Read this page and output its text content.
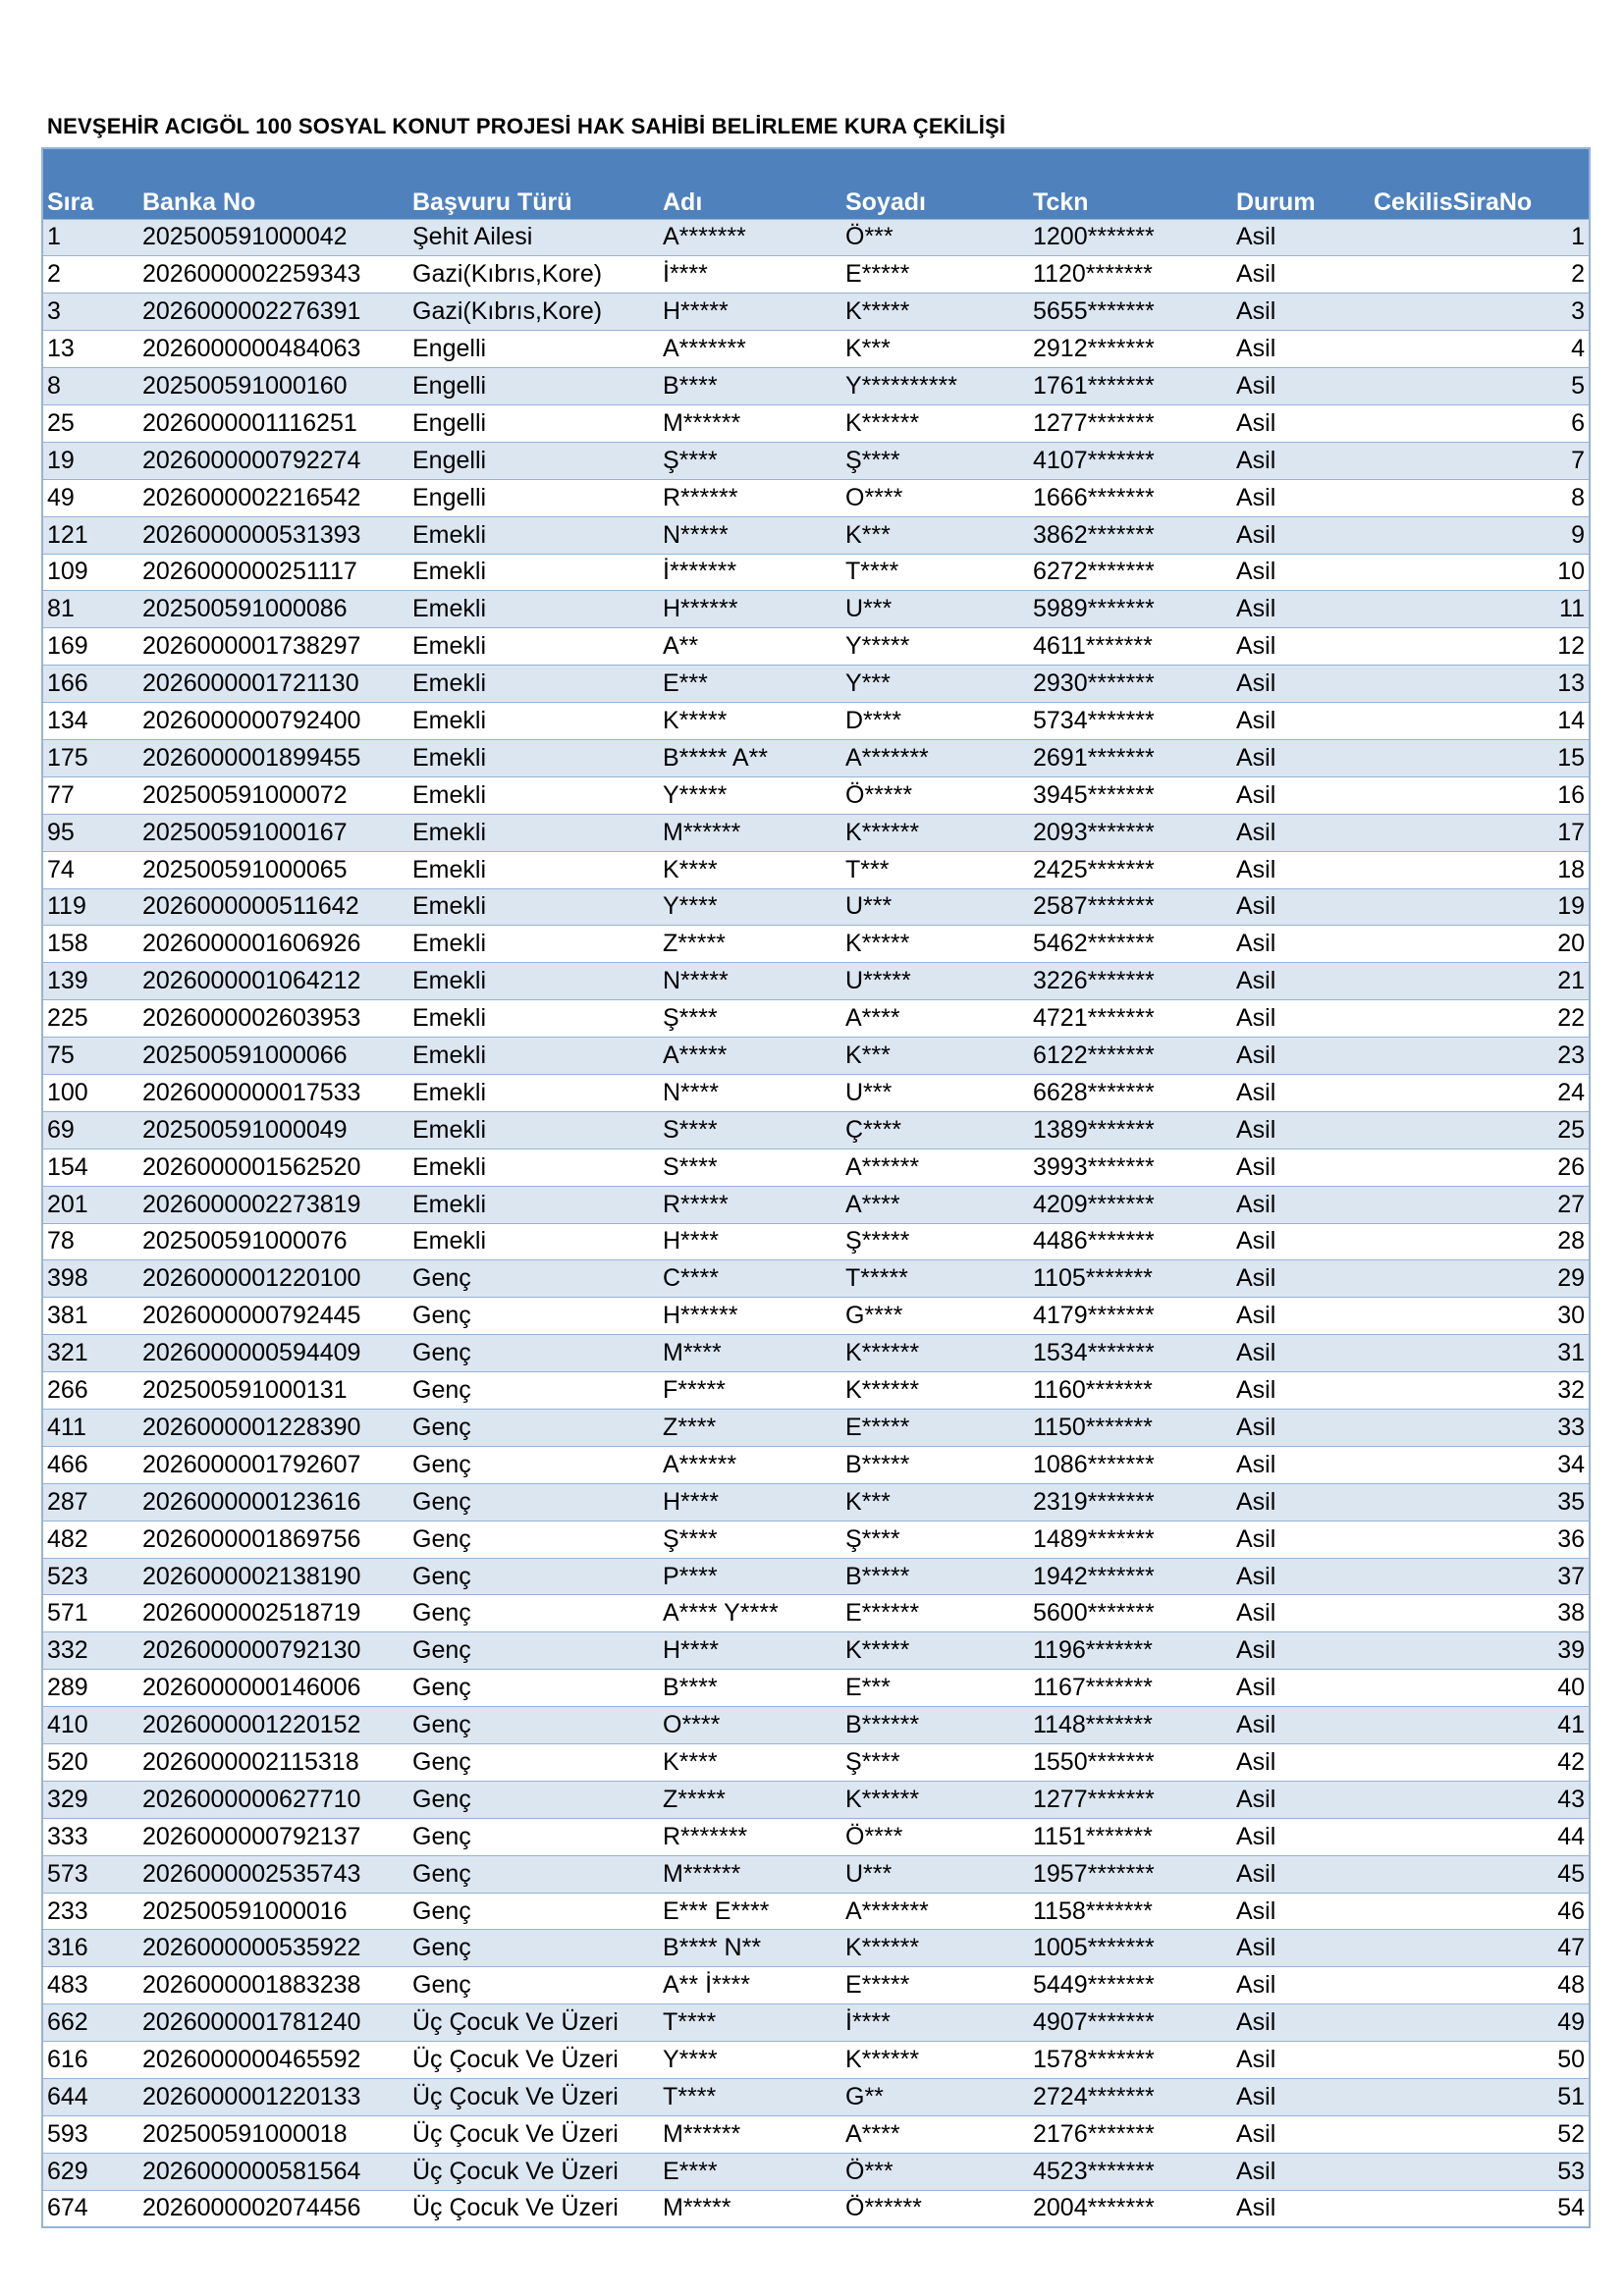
NEVŞEHİR ACIGÖL 100 SOSYAL KONUT PROJESİ HAK SAHİBİ BELİRLEME KURA ÇEKİLİŞİ
Sıra	Banka No	Başvuru Türü	Adı	Soyadı	Tckn	Durum	CekilisSiraNo
1	202500591000042	Şehit Ailesi	A*******	Ö***	1200*******	Asil	1
2	2026000002259343	Gazi(Kıbrıs,Kore)	İ****	E*****	1120*******	Asil	2
3	2026000002276391	Gazi(Kıbrıs,Kore)	H*****	K*****	5655*******	Asil	3
13	2026000000484063	Engelli	A*******	K***	2912*******	Asil	4
8	202500591000160	Engelli	B****	Y**********	1761*******	Asil	5
25	2026000001116251	Engelli	M******	K******	1277*******	Asil	6
19	2026000000792274	Engelli	Ş****	Ş****	4107*******	Asil	7
49	2026000002216542	Engelli	R******	O****	1666*******	Asil	8
121	2026000000531393	Emekli	N*****	K***	3862*******	Asil	9
109	2026000000251117	Emekli	İ*******	T****	6272*******	Asil	10
81	202500591000086	Emekli	H******	U***	5989*******	Asil	11
169	2026000001738297	Emekli	A**	Y*****	4611*******	Asil	12
166	2026000001721130	Emekli	E***	Y***	2930*******	Asil	13
134	2026000000792400	Emekli	K*****	D****	5734*******	Asil	14
175	2026000001899455	Emekli	B***** A**	A*******	2691*******	Asil	15
77	202500591000072	Emekli	Y*****	Ö*****	3945*******	Asil	16
95	202500591000167	Emekli	M******	K******	2093*******	Asil	17
74	202500591000065	Emekli	K****	T***	2425*******	Asil	18
119	2026000000511642	Emekli	Y****	U***	2587*******	Asil	19
158	2026000001606926	Emekli	Z*****	K*****	5462*******	Asil	20
139	2026000001064212	Emekli	N*****	U*****	3226*******	Asil	21
225	2026000002603953	Emekli	Ş****	A****	4721*******	Asil	22
75	202500591000066	Emekli	A*****	K***	6122*******	Asil	23
100	2026000000017533	Emekli	N****	U***	6628*******	Asil	24
69	202500591000049	Emekli	S****	Ç****	1389*******	Asil	25
154	2026000001562520	Emekli	S****	A******	3993*******	Asil	26
201	2026000002273819	Emekli	R*****	A****	4209*******	Asil	27
78	202500591000076	Emekli	H****	Ş*****	4486*******	Asil	28
398	2026000001220100	Genç	C****	T*****	1105*******	Asil	29
381	2026000000792445	Genç	H******	G****	4179*******	Asil	30
321	2026000000594409	Genç	M****	K******	1534*******	Asil	31
266	202500591000131	Genç	F*****	K******	1160*******	Asil	32
411	2026000001228390	Genç	Z****	E*****	1150*******	Asil	33
466	2026000001792607	Genç	A******	B*****	1086*******	Asil	34
287	2026000000123616	Genç	H****	K***	2319*******	Asil	35
482	2026000001869756	Genç	Ş****	Ş****	1489*******	Asil	36
523	2026000002138190	Genç	P****	B*****	1942*******	Asil	37
571	2026000002518719	Genç	A**** Y****	E******	5600*******	Asil	38
332	2026000000792130	Genç	H****	K*****	1196*******	Asil	39
289	2026000000146006	Genç	B****	E***	1167*******	Asil	40
410	2026000001220152	Genç	O****	B******	1148*******	Asil	41
520	2026000002115318	Genç	K****	Ş****	1550*******	Asil	42
329	2026000000627710	Genç	Z*****	K******	1277*******	Asil	43
333	2026000000792137	Genç	R*******	Ö****	1151*******	Asil	44
573	2026000002535743	Genç	M******	U***	1957*******	Asil	45
233	202500591000016	Genç	E*** E****	A*******	1158*******	Asil	46
316	2026000000535922	Genç	B**** N**	K******	1005*******	Asil	47
483	2026000001883238	Genç	A** İ****	E*****	5449*******	Asil	48
662	2026000001781240	Üç Çocuk Ve Üzeri	T****	İ****	4907*******	Asil	49
616	2026000000465592	Üç Çocuk Ve Üzeri	Y****	K******	1578*******	Asil	50
644	2026000001220133	Üç Çocuk Ve Üzeri	T****	G**	2724*******	Asil	51
593	202500591000018	Üç Çocuk Ve Üzeri	M******	A****	2176*******	Asil	52
629	2026000000581564	Üç Çocuk Ve Üzeri	E****	Ö***	4523*******	Asil	53
674	2026000002074456	Üç Çocuk Ve Üzeri	M*****	Ö******	2004*******	Asil	54
